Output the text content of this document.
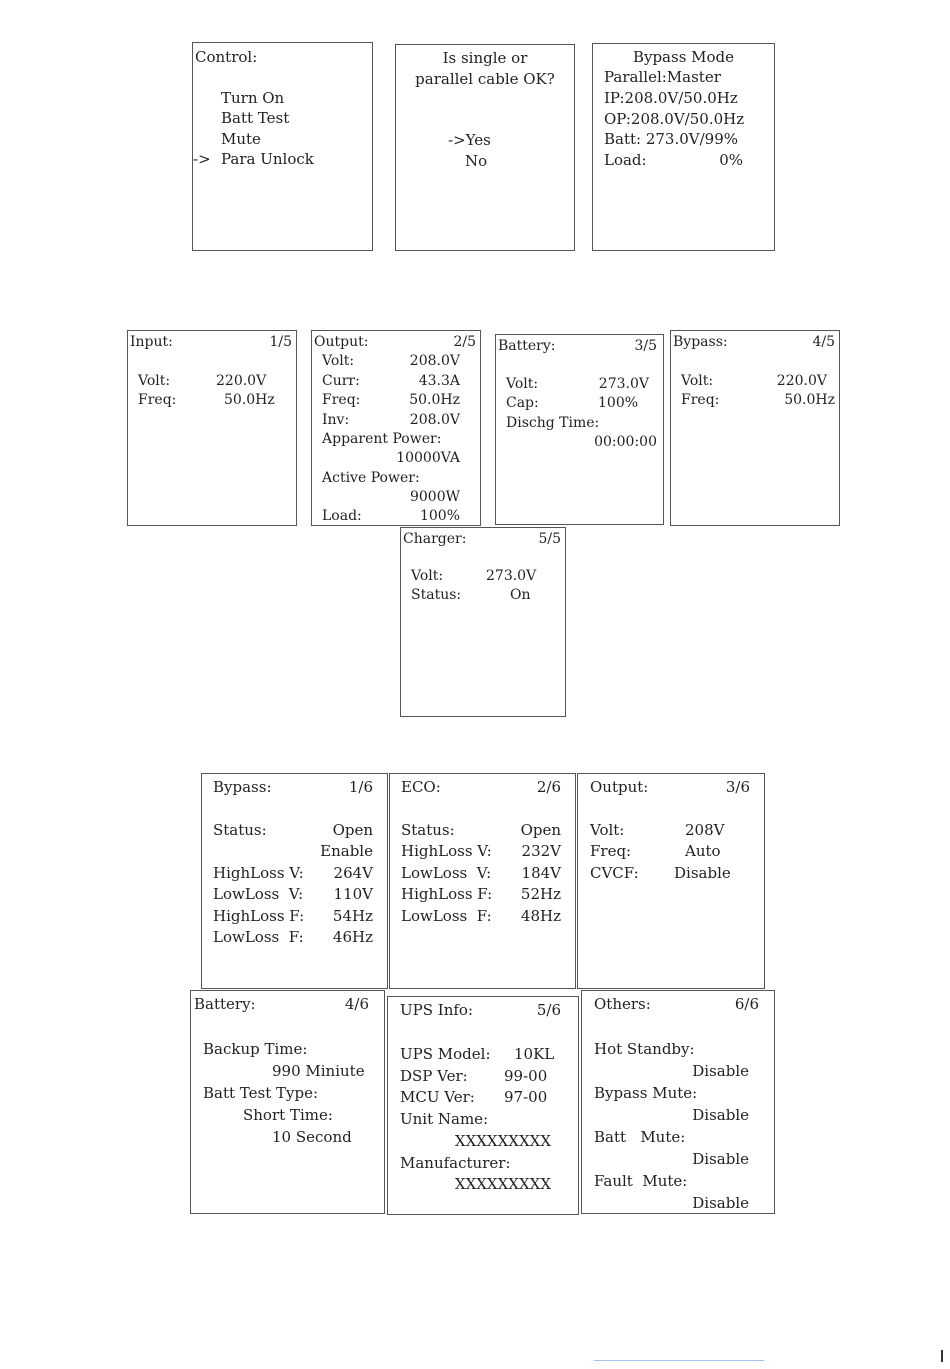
Control:
Turn On
Batt Test
Mute
-> Para Unlock
Is single or
parallel cable OK?
->Yes
No
Bypass Mode
Parallel:Master
IP:208.0V/50.0Hz
OP:208.0V/50.0Hz
Batt: 273.0V/99%
Load:	0%
Input:	1/5
Volt:	220.0V
Freq:	50.0Hz
Output:	2/5
Volt:	208.0V
Curr:	43.3A
Freq:	50.0Hz
Inv:	208.0V
Apparent Power:
10000VA
Active Power:
9000W
Load:	100%
Battery:	3/5
Volt:	273.0V
Cap:	100%
Dischg Time:
00:00:00
Bypass:	4/5
Volt:	220.0V
Freq:	50.0Hz
Charger:	5/5
Volt:	273.0V
Status:	On
Bypass:	1/6
Status:	Open
Enable
HighLoss V: 264V
LowLoss  V: 110V
HighLoss F: 54Hz
LowLoss  F: 46Hz
ECO:	2/6
Status:	Open
HighLoss V: 232V
LowLoss  V: 184V
HighLoss F: 52Hz
LowLoss  F: 48Hz
Output:	3/6
Volt:	208V
Freq:	Auto
CVCF: Disable
Battery:	4/6
Backup Time:
990 Miniute
Batt Test Type:
Short Time:
10 Second
UPS Info:	5/6
UPS Model: 10KL
DSP Ver: 99-00
MCU Ver: 97-00
Unit Name:
XXXXXXXXX
Manufacturer:
XXXXXXXXX
Others:	6/6
Hot Standby:
Disable
Bypass Mute:
Disable
Batt   Mute:
Disable
Fault  Mute:
Disable
